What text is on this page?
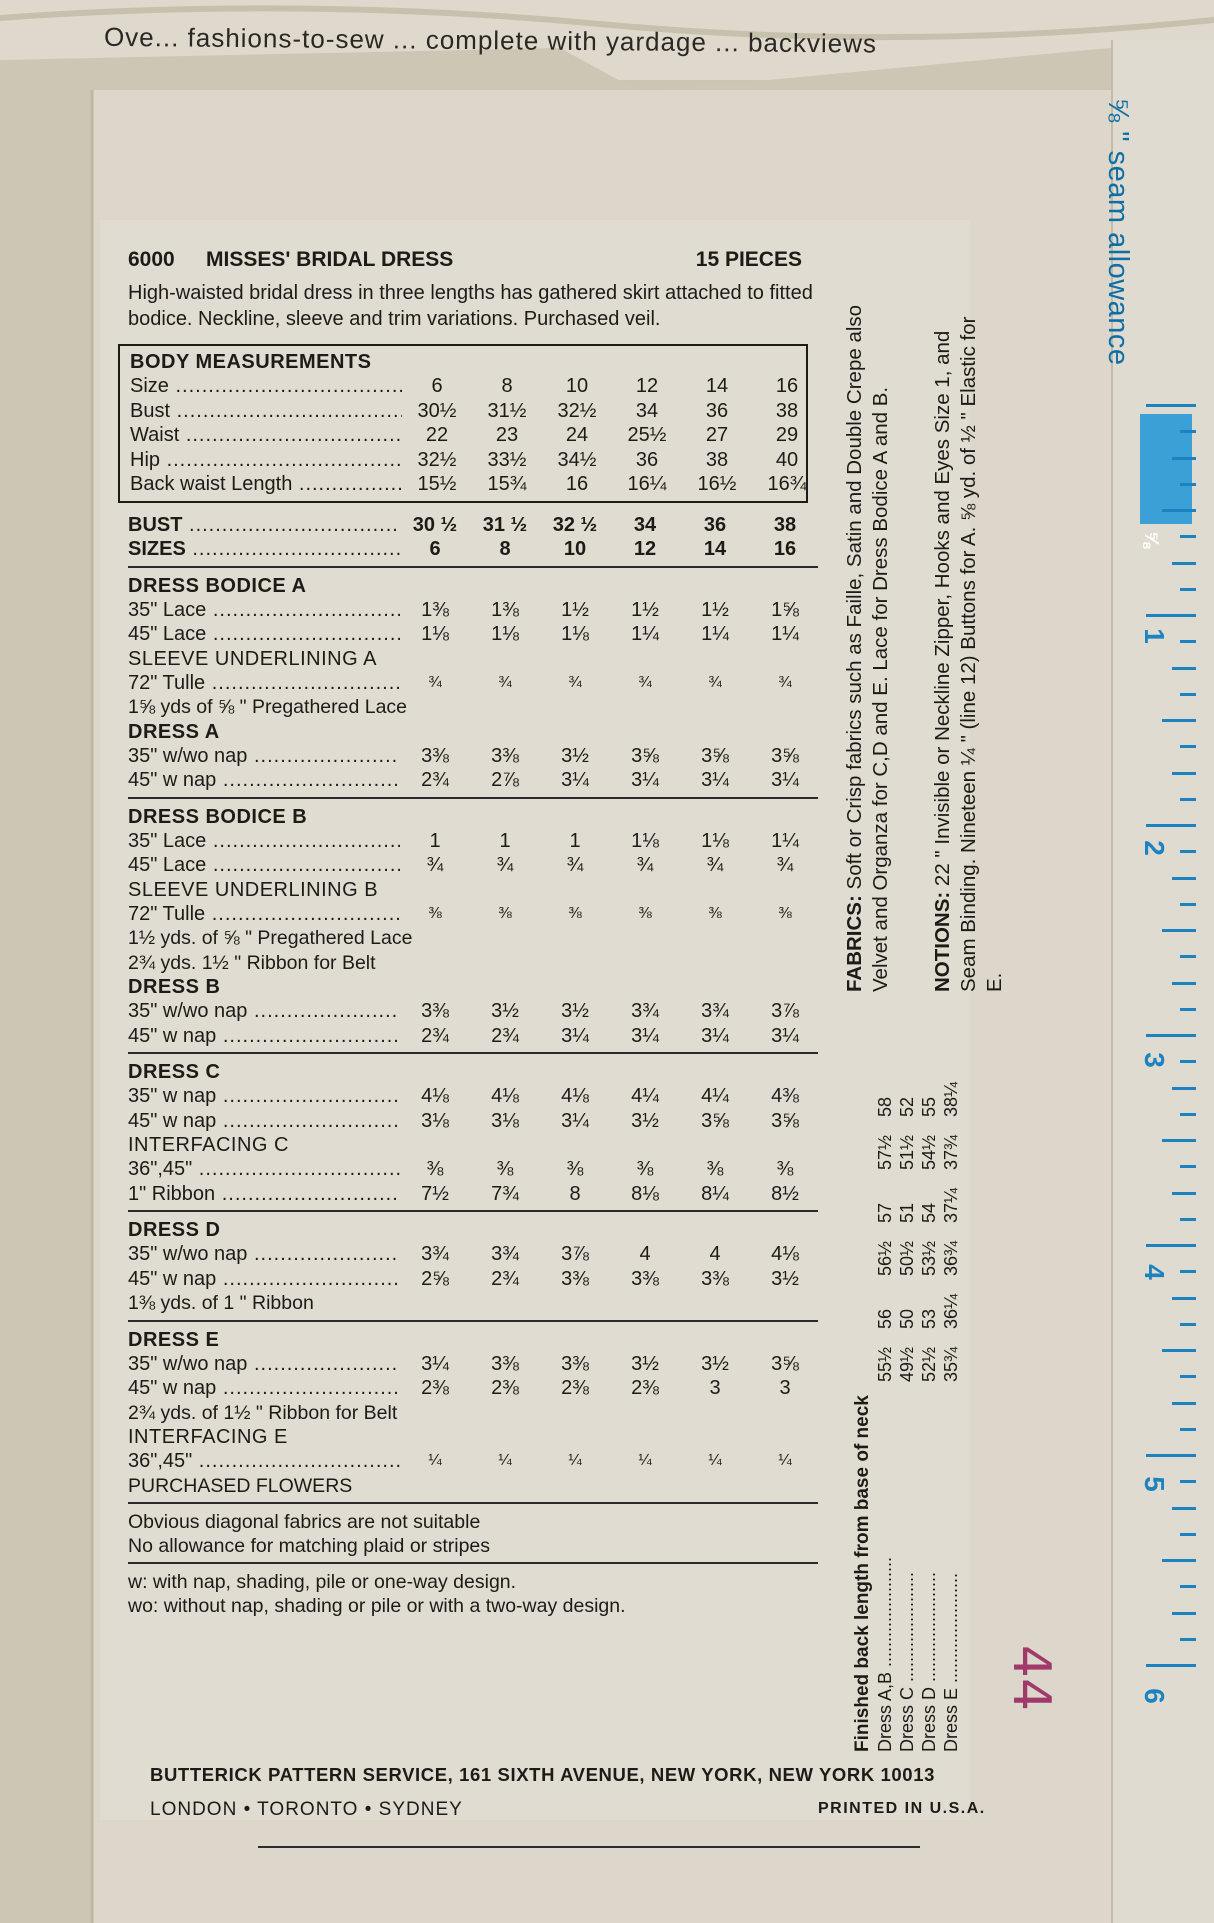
Ove... fashions-to-sew ... complete with yardage ... backviews
⅝ " seam allowance
6000 MISSES' BRIDAL DRESS	15 PIECES
High-waisted bridal dress in three lengths has gathered skirt attached to fitted bodice. Neckline, sleeve and trim variations. Purchased veil.
BODY MEASUREMENTS
Size .....	6	8	10	12	14	16
Bust .....	30½	31½	32½	34	36	38
Waist .....	22	23	24	25½	27	29
Hip .....	32½	33½	34½	36	38	40
Back waist Length .....	15½	15¾	16	16¼	16½	16¾
BUST .....	30 ½	31 ½	32 ½	34	36	38
SIZES .....	6	8	10	12	14	16
DRESS BODICE A
35" Lace .....	1⅜	1⅜	1½	1½	1½	1⅝
45" Lace .....	1⅛	1⅛	1⅛	1¼	1¼	1¼
SLEEVE UNDERLINING A
72" Tulle .....	¾	¾	¾	¾	¾	¾
1⅝ yds of ⅝ " Pregathered Lace
DRESS A
35" w/wo nap .....	3⅜	3⅜	3½	3⅝	3⅝	3⅝
45" w nap .....	2¾	2⅞	3¼	3¼	3¼	3¼
DRESS BODICE B
35" Lace .....	1	1	1	1⅛	1⅛	1¼
45" Lace .....	¾	¾	¾	¾	¾	¾
SLEEVE UNDERLINING B
72" Tulle .....	⅜	⅜	⅜	⅜	⅜	⅜
1½ yds. of ⅝ " Pregathered Lace
2¾ yds. 1½ " Ribbon for Belt
DRESS B
35" w/wo nap .....	3⅜	3½	3½	3¾	3¾	3⅞
45" w nap .....	2¾	2¾	3¼	3¼	3¼	3¼
DRESS C
35" w nap .....	4⅛	4⅛	4⅛	4¼	4¼	4⅜
45" w nap .....	3⅛	3⅛	3¼	3½	3⅝	3⅝
INTERFACING C
36",45" .....	⅜	⅜	⅜	⅜	⅜	⅜
1" Ribbon .....	7½	7¾	8	8⅛	8¼	8½
DRESS D
35" w/wo nap .....	3¾	3¾	3⅞	4	4	4⅛
45" w nap .....	2⅝	2¾	3⅜	3⅜	3⅜	3½
1⅜ yds. of 1 " Ribbon
DRESS E
35" w/wo nap .....	3¼	3⅜	3⅜	3½	3½	3⅝
45" w nap .....	2⅜	2⅜	2⅜	2⅜	3	3
2¾ yds. of 1½ " Ribbon for Belt
INTERFACING E
36",45" .....	¼	¼	¼	¼	¼	¼
PURCHASED FLOWERS
Obvious diagonal fabrics are not suitable
No allowance for matching plaid or stripes
w: with nap, shading, pile or one-way design.
wo: without nap, shading or pile or with a two-way design.
FABRICS: Soft or Crisp fabrics such as Faille, Satin and Double Crepe also Velvet and Organza for C,D and E. Lace for Dress Bodice A and B. NOTIONS: 22 " Invisible or Neckline Zipper, Hooks and Eyes Size 1, and Seam Binding. Nineteen ¼ " (line 12) Buttons for A. ⅝ yd. of ½ " Elastic for E.
Finished back length from base of neck Dress A,B .....
55½
56
56½
57
57½
58
Dress C .....
49½
50
50½
51
51½
52
Dress D .....
52½
53
53½
54
54½
55
Dress E .....
35¾
36¼
36¾
37¼
37¾
38¼
44
BUTTERICK PATTERN SERVICE, 161 SIXTH AVENUE, NEW YORK, NEW YORK 10013
LONDON • TORONTO • SYDNEY	PRINTED IN U.S.A.
1
2
3
4
5
6
⅝
